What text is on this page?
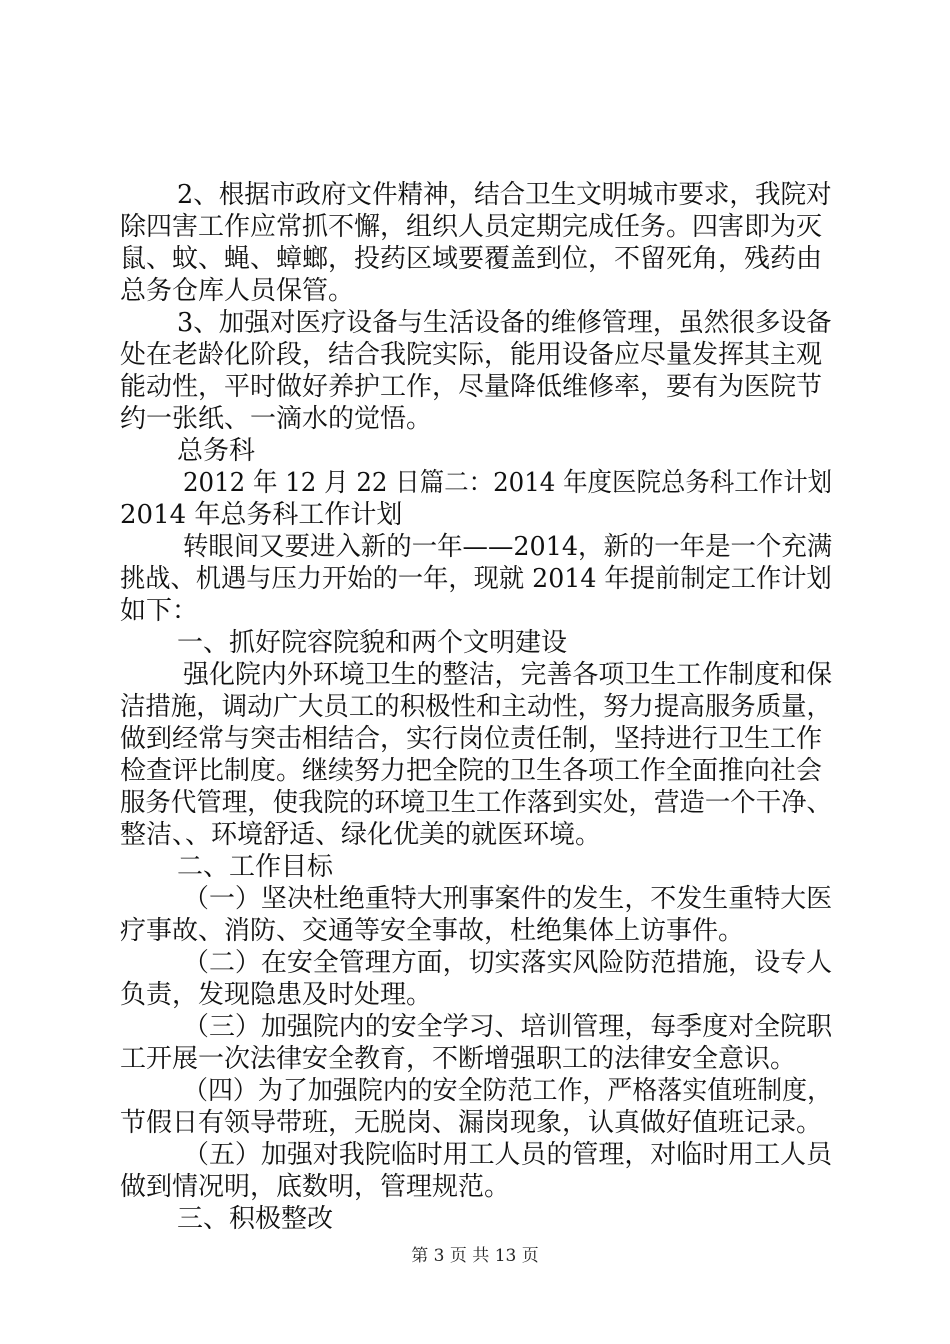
2、根据市政府文件精神，结合卫生文明城市要求，我院对
除四害工作应常抓不懈，组织人员定期完成任务。四害即为灭
鼠、蚊、蝇、蟑螂，投药区域要覆盖到位，不留死角，残药由
总务仓库人员保管。
3、加强对医疗设备与生活设备的维修管理，虽然很多设备
处在老龄化阶段，结合我院实际，能用设备应尽量发挥其主观
能动性，平时做好养护工作，尽量降低维修率，要有为医院节
约一张纸、一滴水的觉悟。
总务科
2012 年 12 月 22 日篇二：2014 年度医院总务科工作计划
2014 年总务科工作计划
转眼间又要进入新的一年——2014，新的一年是一个充满
挑战、机遇与压力开始的一年，现就 2014 年提前制定工作计划
如下：
一、抓好院容院貌和两个文明建设
强化院内外环境卫生的整洁，完善各项卫生工作制度和保
洁措施，调动广大员工的积极性和主动性，努力提高服务质量，
做到经常与突击相结合，实行岗位责任制，坚持进行卫生工作
检查评比制度。继续努力把全院的卫生各项工作全面推向社会
服务代管理，使我院的环境卫生工作落到实处，营造一个干净、
整洁、、环境舒适、绿化优美的就医环境。
二、工作目标
（一）坚决杜绝重特大刑事案件的发生，不发生重特大医
疗事故、消防、交通等安全事故，杜绝集体上访事件。
（二）在安全管理方面，切实落实风险防范措施，设专人
负责，发现隐患及时处理。
（三）加强院内的安全学习、培训管理，每季度对全院职
工开展一次法律安全教育，不断增强职工的法律安全意识。
（四）为了加强院内的安全防范工作，严格落实值班制度，
节假日有领导带班，无脱岗、漏岗现象，认真做好值班记录。
（五）加强对我院临时用工人员的管理，对临时用工人员
做到情况明，底数明，管理规范。
三、积极整改
第 3 页 共 13 页
